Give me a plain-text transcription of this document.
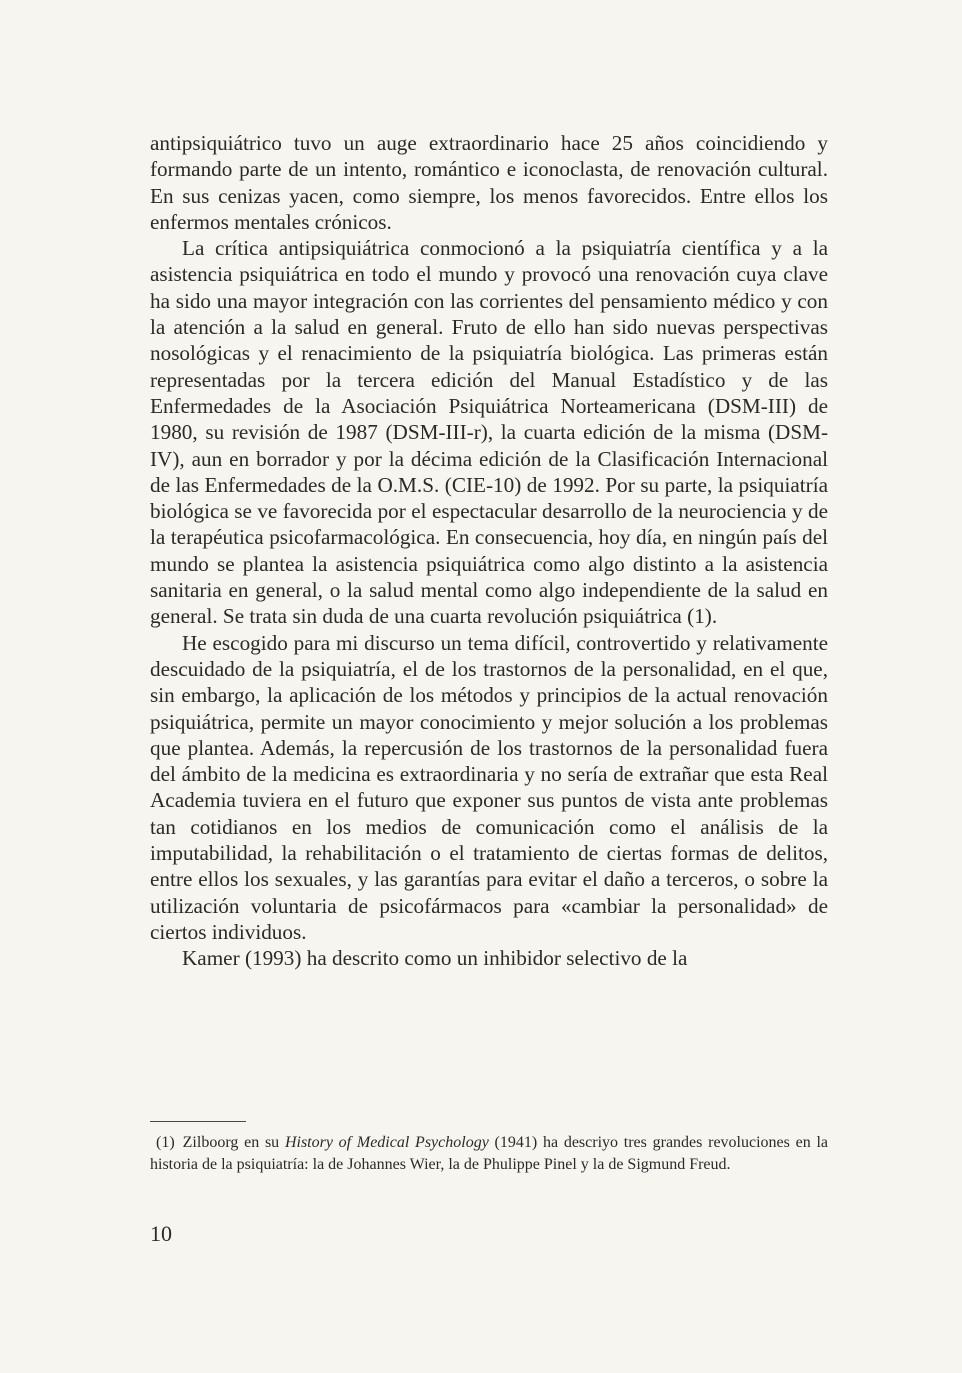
antipsiquiátrico tuvo un auge extraordinario hace 25 años coincidiendo y formando parte de un intento, romántico e iconoclasta, de renovación cultural. En sus cenizas yacen, como siempre, los menos favorecidos. Entre ellos los enfermos mentales crónicos.

La crítica antipsiquiátrica conmocionó a la psiquiatría científica y a la asistencia psiquiátrica en todo el mundo y provocó una renovación cuya clave ha sido una mayor integración con las corrientes del pensamiento médico y con la atención a la salud en general. Fruto de ello han sido nuevas perspectivas nosológicas y el renacimiento de la psiquiatría biológica. Las primeras están representadas por la tercera edición del Manual Estadístico y de las Enfermedades de la Asociación Psiquiátrica Norteamericana (DSM-III) de 1980, su revisión de 1987 (DSM-III-r), la cuarta edición de la misma (DSM-IV), aun en borrador y por la décima edición de la Clasificación Internacional de las Enfermedades de la O.M.S. (CIE-10) de 1992. Por su parte, la psiquiatría biológica se ve favorecida por el espectacular desarrollo de la neurociencia y de la terapéutica psicofarmacológica. En consecuencia, hoy día, en ningún país del mundo se plantea la asistencia psiquiátrica como algo distinto a la asistencia sanitaria en general, o la salud mental como algo independiente de la salud en general. Se trata sin duda de una cuarta revolución psiquiátrica (1).

He escogido para mi discurso un tema difícil, controvertido y relativamente descuidado de la psiquiatría, el de los trastornos de la personalidad, en el que, sin embargo, la aplicación de los métodos y principios de la actual renovación psiquiátrica, permite un mayor conocimiento y mejor solución a los problemas que plantea. Además, la repercusión de los trastornos de la personalidad fuera del ámbito de la medicina es extraordinaria y no sería de extrañar que esta Real Academia tuviera en el futuro que exponer sus puntos de vista ante problemas tan cotidianos en los medios de comunicación como el análisis de la imputabilidad, la rehabilitación o el tratamiento de ciertas formas de delitos, entre ellos los sexuales, y las garantías para evitar el daño a terceros, o sobre la utilización voluntaria de psicofármacos para «cambiar la personalidad» de ciertos individuos.

Kamer (1993) ha descrito como un inhibidor selectivo de la

(1) Zilboorg en su History of Medical Psychology (1941) ha descriyo tres grandes revoluciones en la historia de la psiquiatría: la de Johannes Wier, la de Phulippe Pinel y la de Sigmund Freud.

10
